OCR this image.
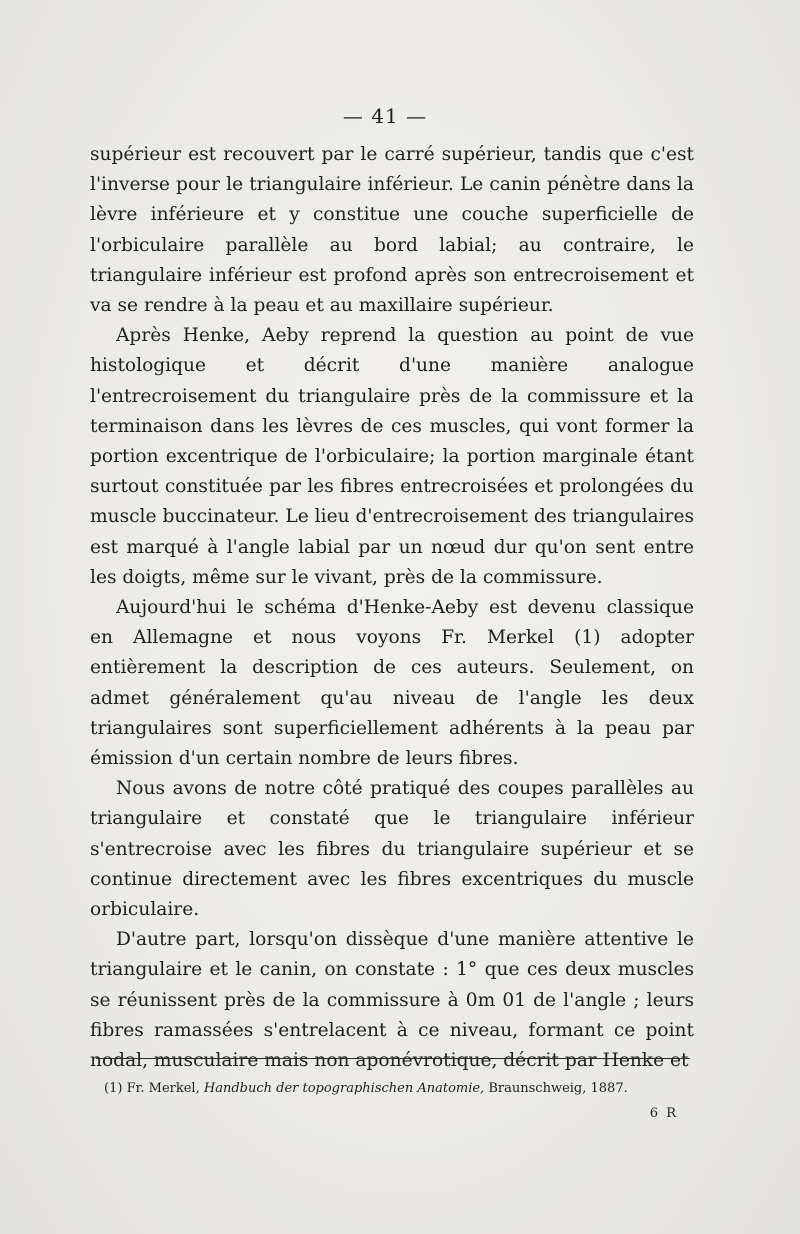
— 41 —

supérieur est recouvert par le carré supérieur, tandis que c'est l'inverse pour le triangulaire inférieur. Le canin pénètre dans la lèvre inférieure et y constitue une couche superficielle de l'orbiculaire parallèle au bord labial; au contraire, le triangulaire inférieur est profond après son entrecroisement et va se rendre à la peau et au maxillaire supérieur.

Après Henke, Aeby reprend la question au point de vue histologique et décrit d'une manière analogue l'entrecroisement du triangulaire près de la commissure et la terminaison dans les lèvres de ces muscles, qui vont former la portion excentrique de l'orbiculaire; la portion marginale étant surtout constituée par les fibres entrecroisées et prolongées du muscle buccinateur. Le lieu d'entrecroisement des triangulaires est marqué à l'angle labial par un nœud dur qu'on sent entre les doigts, même sur le vivant, près de la commissure.

Aujourd'hui le schéma d'Henke-Aeby est devenu classique en Allemagne et nous voyons Fr. Merkel (1) adopter entièrement la description de ces auteurs. Seulement, on admet généralement qu'au niveau de l'angle les deux triangulaires sont superficiellement adhérents à la peau par émission d'un certain nombre de leurs fibres.

Nous avons de notre côté pratiqué des coupes parallèles au triangulaire et constaté que le triangulaire inférieur s'entrecroise avec les fibres du triangulaire supérieur et se continue directement avec les fibres excentriques du muscle orbiculaire.

D'autre part, lorsqu'on dissèque d'une manière attentive le triangulaire et le canin, on constate : 1° que ces deux muscles se réunissent près de la commissure à 0m 01 de l'angle ; leurs fibres ramassées s'entrelacent à ce niveau, formant ce point nodal, musculaire mais non aponévrotique, décrit par Henke et

(1) Fr. Merkel, Handbuch der topographischen Anatomie, Braunschweig, 1887.
6 R
